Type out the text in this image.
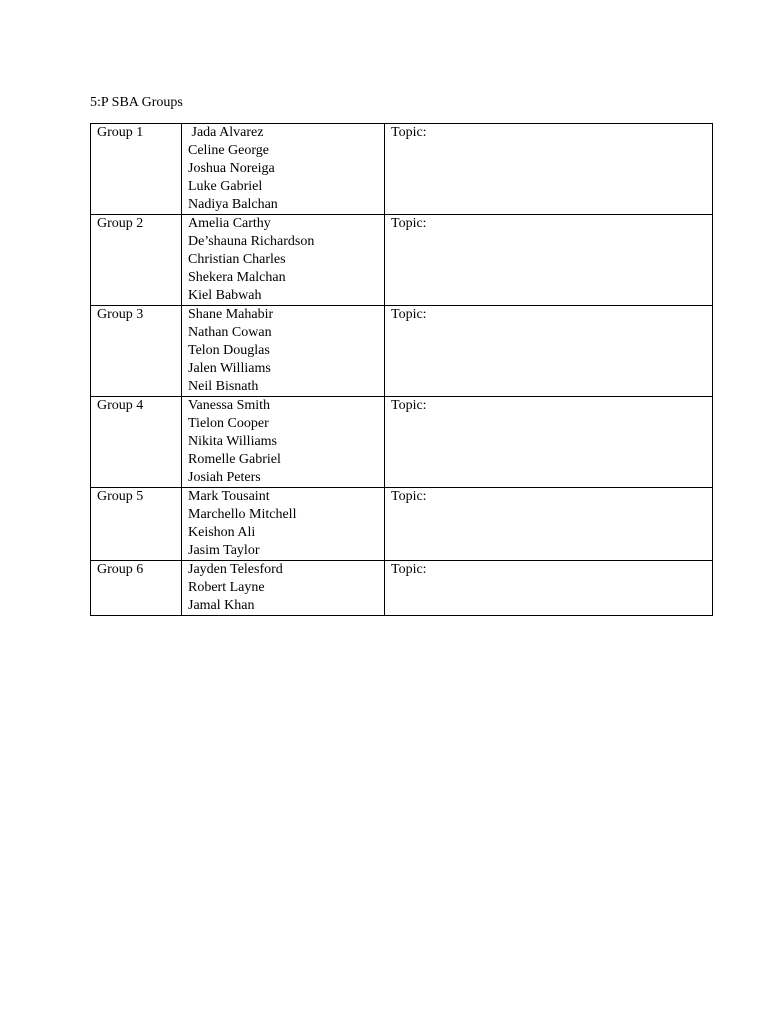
5:P SBA Groups
Group 1	Jada Alvarez
Celine George
Joshua Noreiga
Luke Gabriel
Nadiya Balchan	Topic:
Group 2	Amelia Carthy
De’shauna Richardson
Christian Charles
Shekera Malchan
Kiel Babwah	Topic:
Group 3	Shane Mahabir
Nathan Cowan
Telon Douglas
Jalen Williams
Neil Bisnath	Topic:
Group 4	Vanessa Smith
Tielon Cooper
Nikita Williams
Romelle Gabriel
Josiah Peters	Topic:
Group 5	Mark Tousaint
Marchello Mitchell
Keishon Ali
Jasim Taylor	Topic:
Group 6	Jayden Telesford
Robert Layne
Jamal Khan	Topic:
